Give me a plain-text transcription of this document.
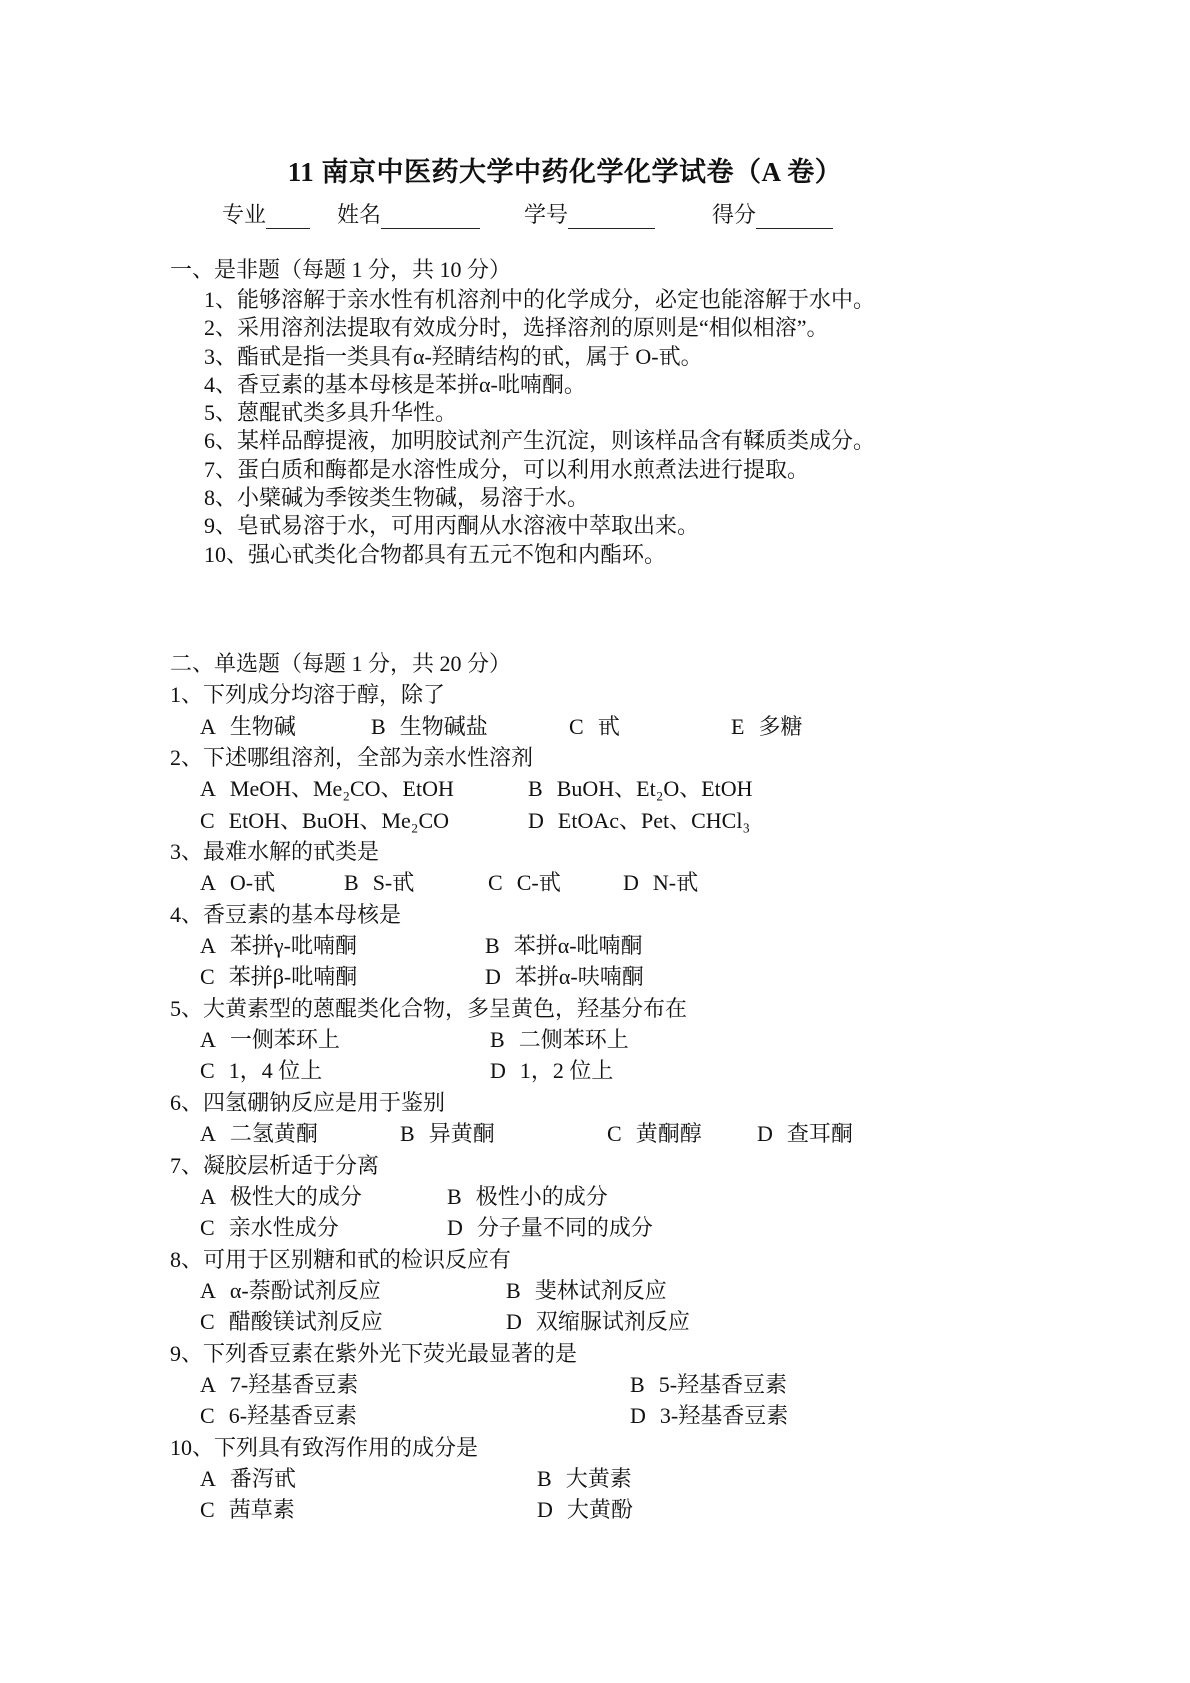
11 南京中医药大学中药化学化学试卷（A 卷）
专业	姓名	学号	得分
一、是非题（每题 1 分，共 10 分）
1、能够溶解于亲水性有机溶剂中的化学成分，必定也能溶解于水中。
2、采用溶剂法提取有效成分时，选择溶剂的原则是“相似相溶”。
3、酯甙是指一类具有α-羟睛结构的甙，属于 O-甙。
4、香豆素的基本母核是苯拼α-吡喃酮。
5、蒽醌甙类多具升华性。
6、某样品醇提液，加明胶试剂产生沉淀，则该样品含有鞣质类成分。
7、蛋白质和酶都是水溶性成分，可以利用水煎煮法进行提取。
8、小檗碱为季铵类生物碱，易溶于水。
9、皂甙易溶于水，可用丙酮从水溶液中萃取出来。
10、强心甙类化合物都具有五元不饱和内酯环。
二、单选题（每题 1 分，共 20 分）
1、下列成分均溶于醇，除了
A 生物碱	B 生物碱盐	C 甙	E 多糖
2、下述哪组溶剂，全部为亲水性溶剂
A MeOH、Me₂CO、EtOH	B BuOH、Et₂O、EtOH
C EtOH、BuOH、Me₂CO	D EtOAc、Pet、CHCl₃
3、最难水解的甙类是
A O-甙	B S-甙	C C-甙	D N-甙
4、香豆素的基本母核是
A 苯拼γ-吡喃酮	B 苯拼α-吡喃酮
C 苯拼β-吡喃酮	D 苯拼α-呋喃酮
5、大黄素型的蒽醌类化合物，多呈黄色，羟基分布在
A 一侧苯环上	B 二侧苯环上
C 1，4 位上	D 1，2 位上
6、四氢硼钠反应是用于鉴别
A 二氢黄酮	B 异黄酮	C 黄酮醇	D 查耳酮
7、凝胶层析适于分离
A 极性大的成分	B 极性小的成分
C 亲水性成分	D 分子量不同的成分
8、可用于区别糖和甙的检识反应有
A α-萘酚试剂反应	B 斐林试剂反应
C 醋酸镁试剂反应	D 双缩脲试剂反应
9、下列香豆素在紫外光下荧光最显著的是
A 7-羟基香豆素	B 5-羟基香豆素
C 6-羟基香豆素	D 3-羟基香豆素
10、下列具有致泻作用的成分是
A 番泻甙	B 大黄素
C 茜草素	D 大黄酚
